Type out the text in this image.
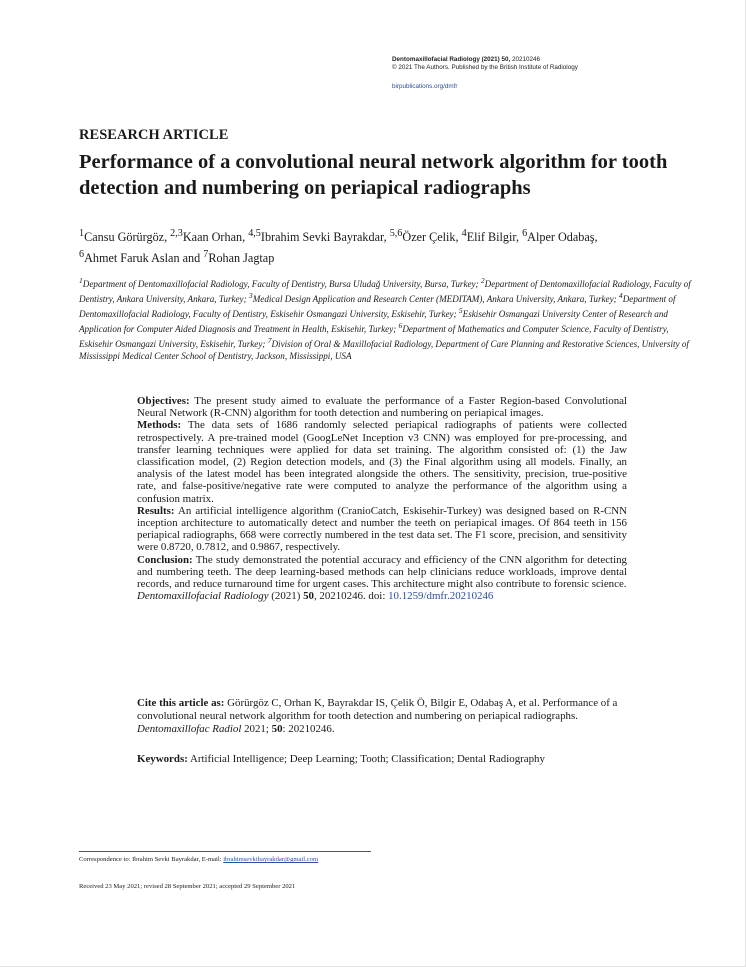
Dentomaxillofacial Radiology (2021) 50, 20210246
© 2021 The Authors. Published by the British Institute of Radiology
birpublications.org/dmfr
RESEARCH ARTICLE
Performance of a convolutional neural network algorithm for tooth detection and numbering on periapical radiographs
$^1$Cansu Görürgöz, $^{2,3}$Kaan Orhan, $^{4,5}$Ibrahim Sevki Bayrakdar, $^{5,6}$Özer Çelik, $^4$Elif Bilgir, $^6$Alper Odabaş,
$^6$Ahmet Faruk Aslan and $^7$Rohan Jagtap
$^1$Department of Dentomaxillofacial Radiology, Faculty of Dentistry, Bursa Uludağ University, Bursa, Turkey; $^2$Department of Dentomaxillofacial Radiology, Faculty of Dentistry, Ankara University, Ankara, Turkey; $^3$Medical Design Application and Research Center (MEDITAM), Ankara University, Ankara, Turkey; $^4$Department of Dentomaxillofacial Radiology, Faculty of Dentistry, Eskisehir Osmangazi University, Eskisehir, Turkey; $^5$Eskisehir Osmangazi University Center of Research and Application for Computer Aided Diagnosis and Treatment in Health, Eskisehir, Turkey; $^6$Department of Mathematics and Computer Science, Faculty of Dentistry, Eskisehir Osmangazi University, Eskisehir, Turkey; $^7$Division of Oral & Maxillofacial Radiology, Department of Care Planning and Restorative Sciences, University of Mississippi Medical Center School of Dentistry, Jackson, Mississippi, USA

Objectives: The present study aimed to evaluate the performance of a Faster Region-based Convolutional Neural Network (R-CNN) algorithm for tooth detection and numbering on periapical images.

Methods: The data sets of 1686 randomly selected periapical radiographs of patients were collected retrospectively. A pre-trained model (GoogLeNet Inception v3 CNN) was employed for pre-processing, and transfer learning techniques were applied for data set training. The algorithm consisted of: (1) the Jaw classification model, (2) Region detection models, and (3) the Final algorithm using all models. Finally, an analysis of the latest model has been integrated alongside the others. The sensitivity, precision, true-positive rate, and false-positive/negative rate were computed to analyze the performance of the algorithm using a confusion matrix.

Results: An artificial intelligence algorithm (CranioCatch, Eskisehir-Turkey) was designed based on R-CNN inception architecture to automatically detect and number the teeth on periapical images. Of 864 teeth in 156 periapical radiographs, 668 were correctly numbered in the test data set. The F1 score, precision, and sensitivity were 0.8720, 0.7812, and 0.9867, respectively.

Conclusion: The study demonstrated the potential accuracy and efficiency of the CNN algorithm for detecting and numbering teeth. The deep learning-based methods can help clinicians reduce workloads, improve dental records, and reduce turnaround time for urgent cases. This architecture might also contribute to forensic science.

Dentomaxillofacial Radiology (2021) 50, 20210246. doi: 10.1259/dmfr.20210246

Cite this article as: Görürgöz C, Orhan K, Bayrakdar IS, Çelik Ö, Bilgir E, Odabaş A, et al. Performance of a convolutional neural network algorithm for tooth detection and numbering on periapical radiographs. Dentomaxillofac Radiol 2021; 50: 20210246.
Keywords: Artificial Intelligence; Deep Learning; Tooth; Classification; Dental Radiography
Correspondence to: Ibrahim Sevki Bayrakdar, E-mail: ibrahimsevkibayrakdar@gmail.com
Received 23 May 2021; revised 28 September 2021; accepted 29 September 2021
